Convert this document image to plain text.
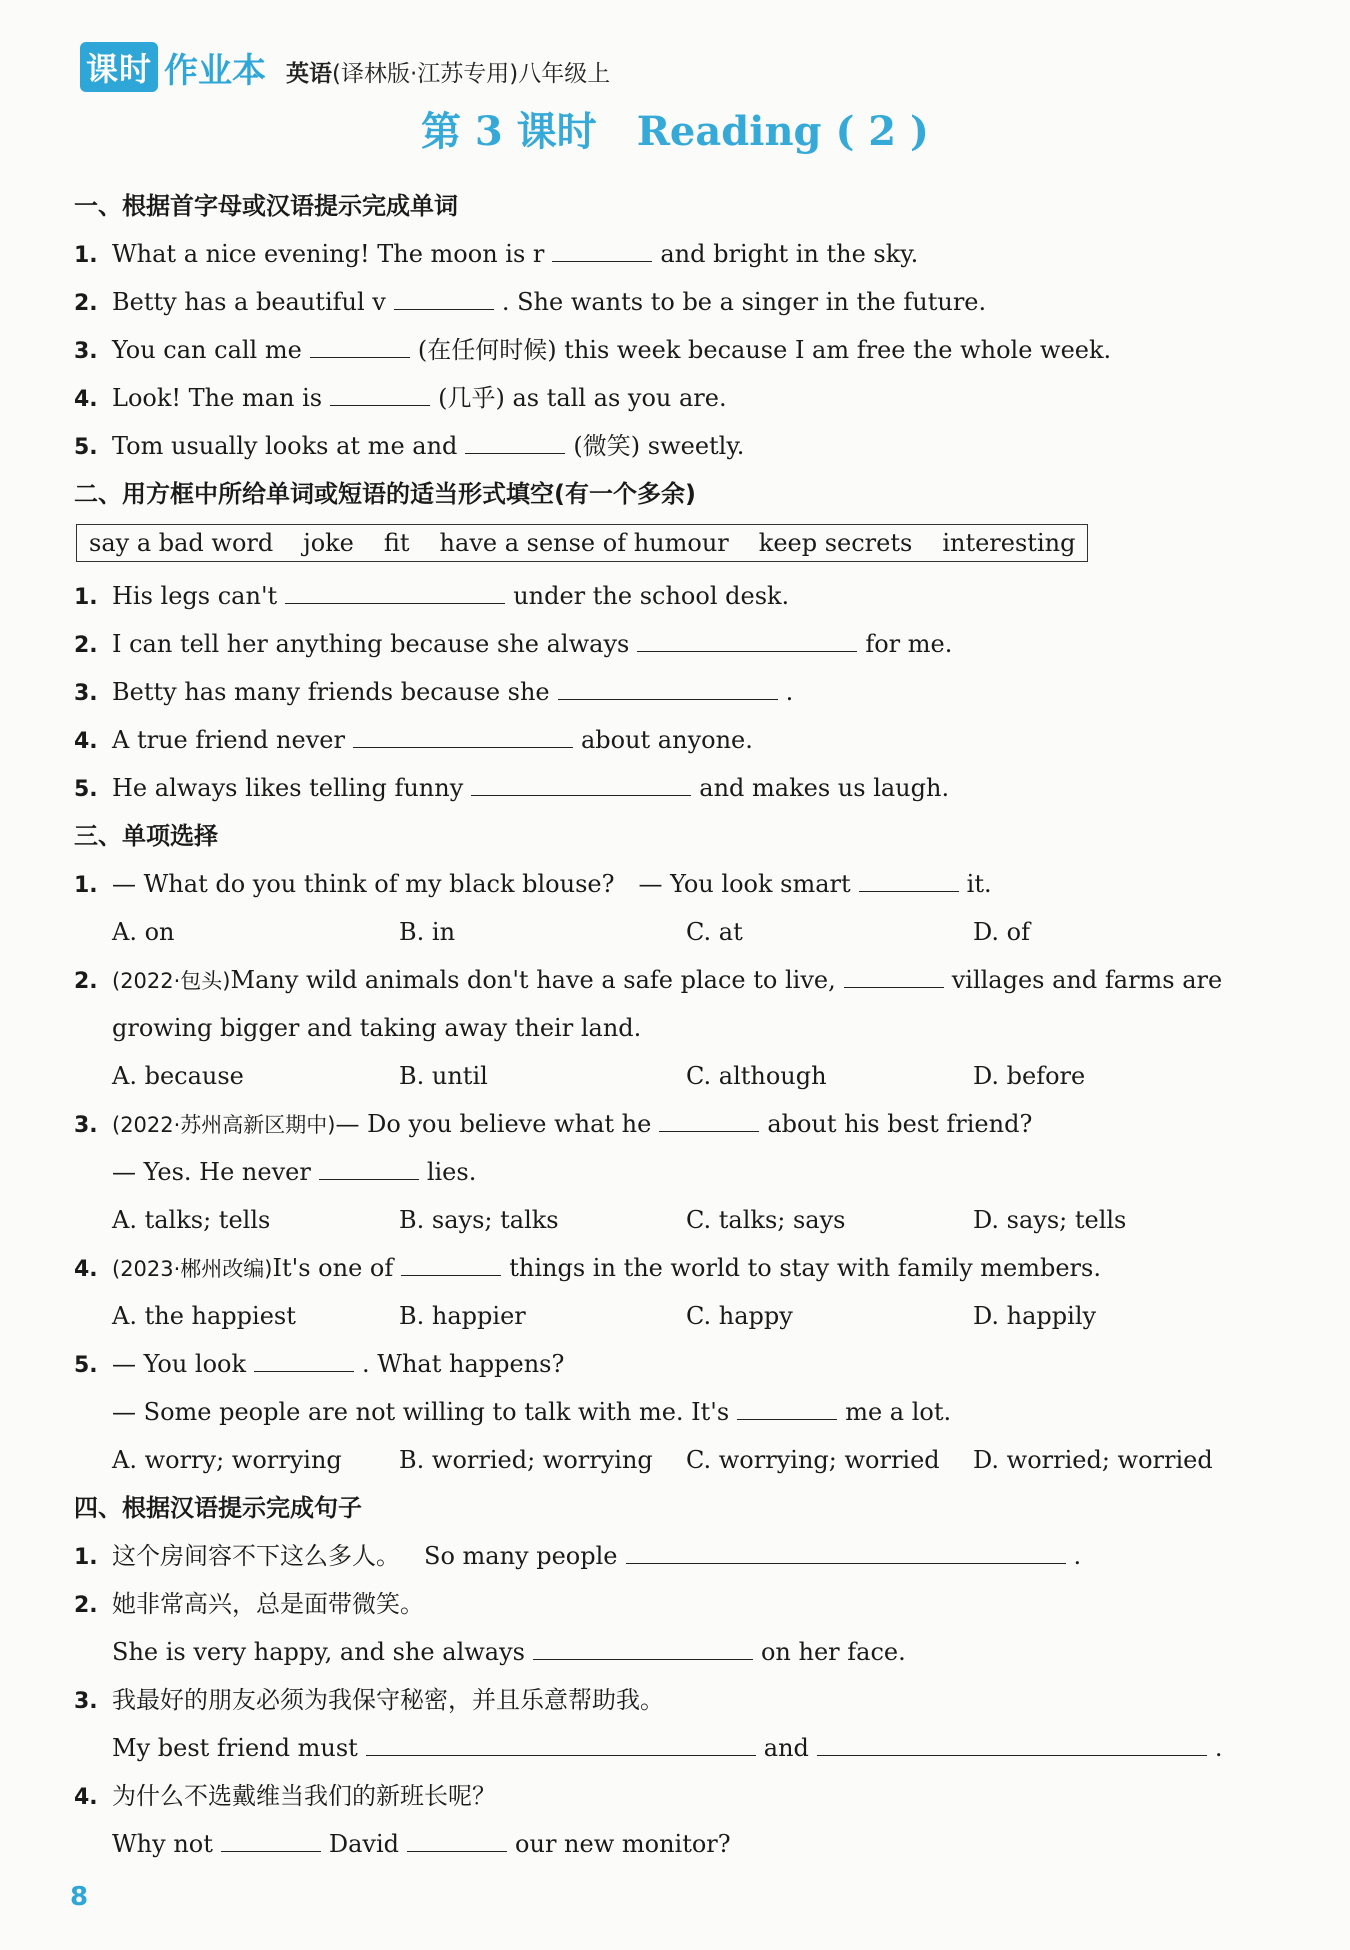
课时 作业本 英语(译林版·江苏专用)八年级上
第 3 课时 Reading ( 2 )
一、根据首字母或汉语提示完成单词
1. What a nice evening! The moon is r	and bright in the sky.
2. Betty has a beautiful v	. She wants to be a singer in the future.
3. You can call me	(在任何时候) this week because I am free the whole week.
4. Look! The man is	(几乎) as tall as you are.
5. Tom usually looks at me and	(微笑) sweetly.
二、用方框中所给单词或短语的适当形式填空(有一个多余)
say a bad word joke fit have a sense of humour keep secrets interesting
1. His legs can't	under the school desk.
2. I can tell her anything because she always	for me.
3. Betty has many friends because she	.
4. A true friend never	about anyone.
5. He always likes telling funny	and makes us laugh.
三、单项选择
1. — What do you think of my black blouse?　— You look smart	it.
A. on	B. in	C. at	D. of
2. (2022·包头) Many wild animals don't have a safe place to live,	villages and farms are
growing bigger and taking away their land.
A. because	B. until	C. although	D. before
3. (2022·苏州高新区期中) — Do you believe what he	about his best friend?
— Yes. He never	lies.
A. talks; tells	B. says; talks	C. talks; says	D. says; tells
4. (2023·郴州改编) It's one of	things in the world to stay with family members.
A. the happiest	B. happier	C. happy	D. happily
5. — You look	. What happens?
— Some people are not willing to talk with me. It's	me a lot.
A. worry; worrying	B. worried; worrying	C. worrying; worried	D. worried; worried
四、根据汉语提示完成句子
1. 这个房间容不下这么多人。 So many people	.
2. 她非常高兴，总是面带微笑。
She is very happy, and she always	on her face.
3. 我最好的朋友必须为我保守秘密，并且乐意帮助我。
My best friend must	and	.
4. 为什么不选戴维当我们的新班长呢？
Why not	David	our new monitor?
8
